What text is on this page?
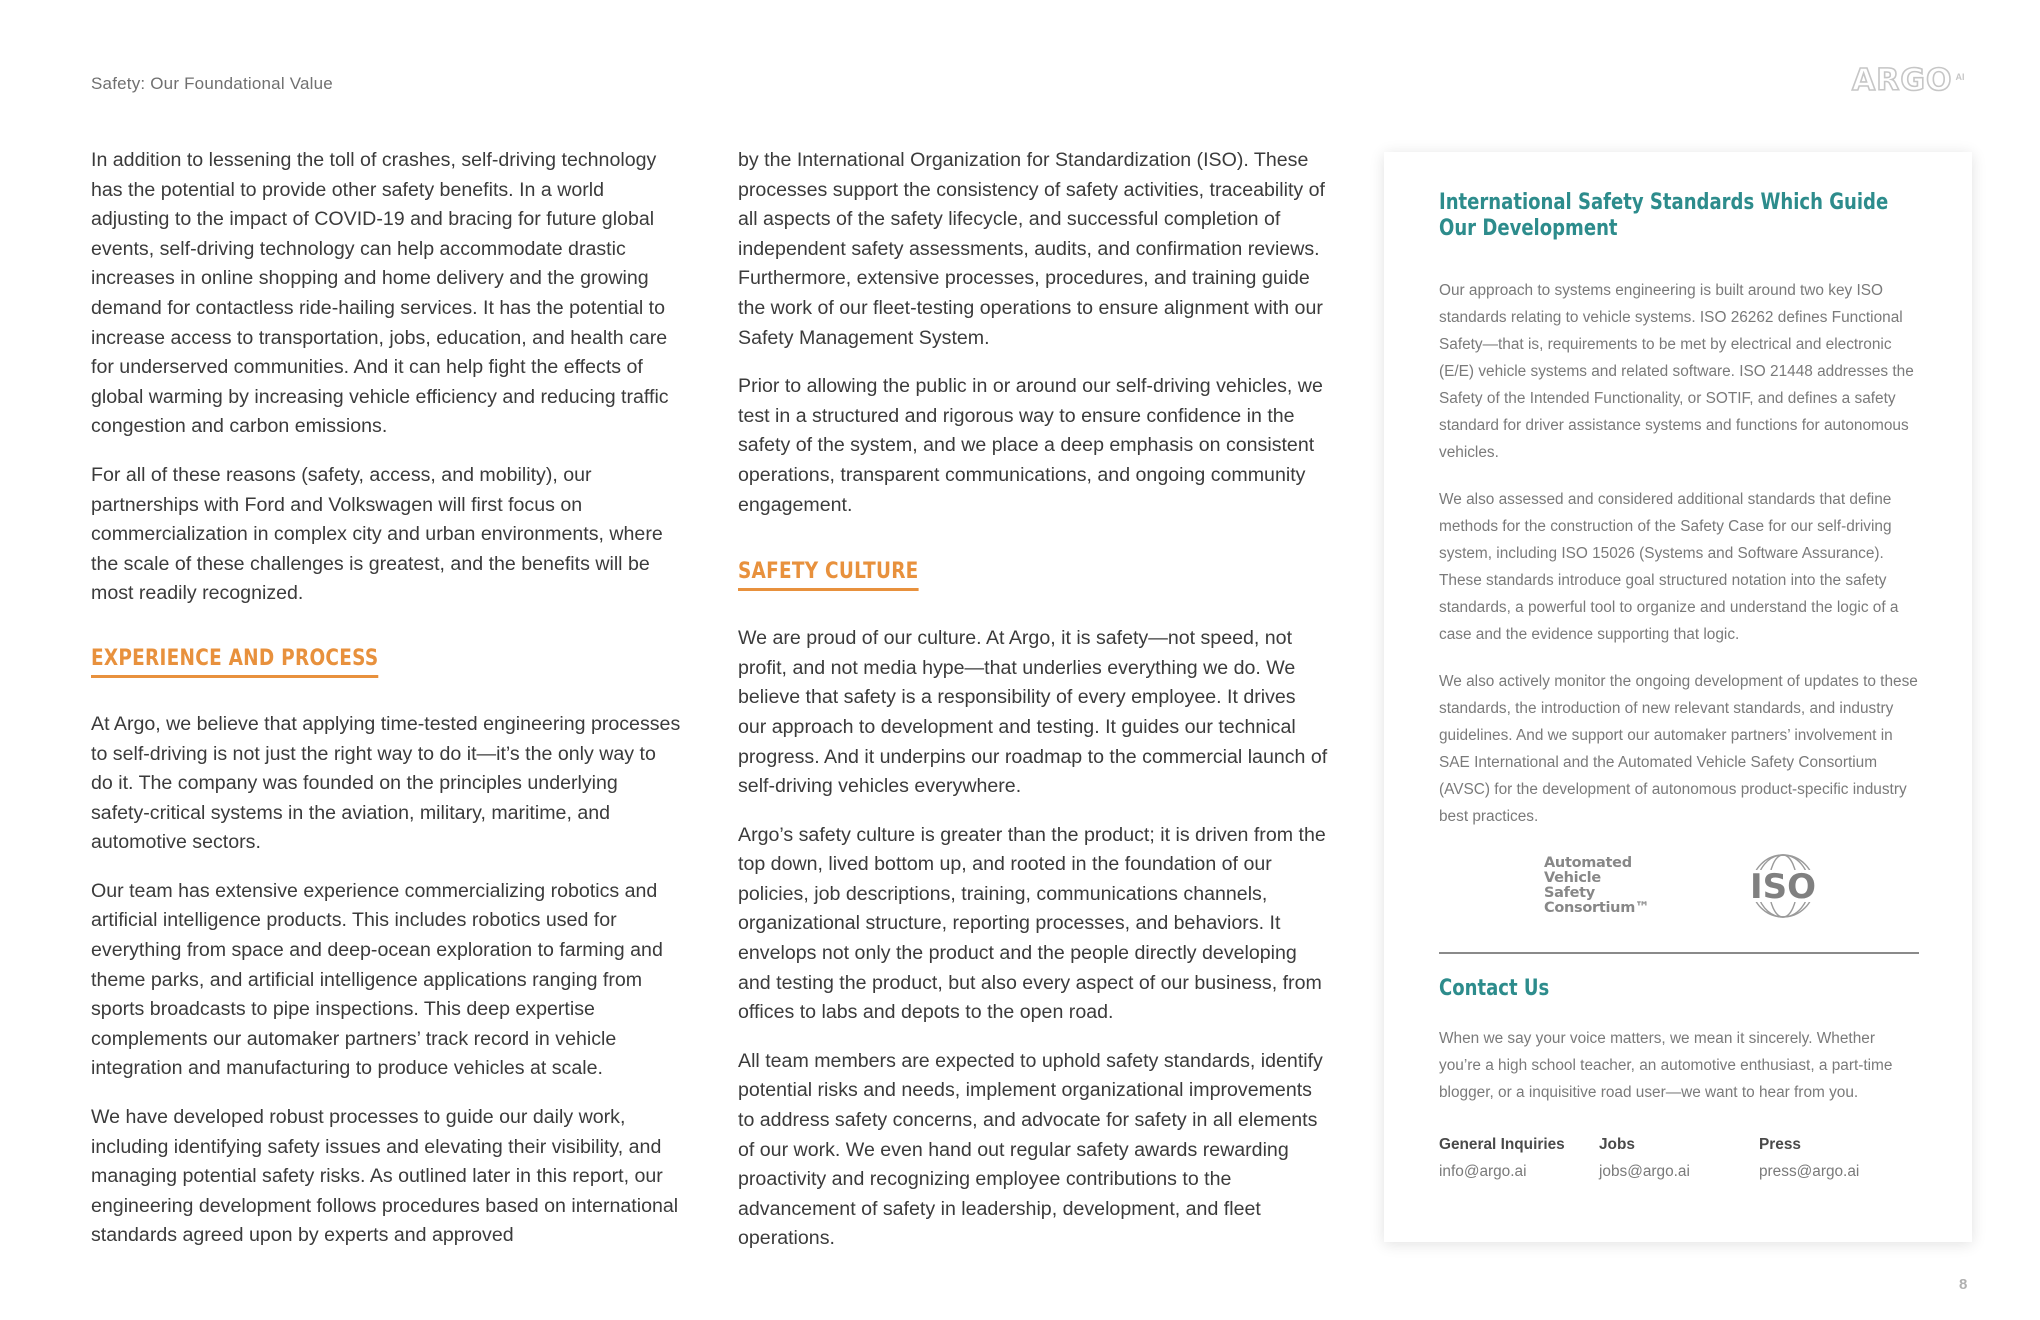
Safety: Our Foundational Value	ARGO AI

In addition to lessening the toll of crashes, self-driving technology has the potential to provide other safety benefits. In a world adjusting to the impact of COVID-19 and bracing for future global events, self-driving technology can help accommodate drastic increases in online shopping and home delivery and the growing demand for contactless ride-hailing services. It has the potential to increase access to transportation, jobs, education, and health care for underserved communities. And it can help fight the effects of global warming by increasing vehicle efficiency and reducing traffic congestion and carbon emissions.

For all of these reasons (safety, access, and mobility), our partnerships with Ford and Volkswagen will first focus on commercialization in complex city and urban environments, where the scale of these challenges is greatest, and the benefits will be most readily recognized.

EXPERIENCE AND PROCESS

At Argo, we believe that applying time-tested engineering processes to self-driving is not just the right way to do it—it’s the only way to do it. The company was founded on the principles underlying safety-critical systems in the aviation, military, maritime, and automotive sectors.

Our team has extensive experience commercializing robotics and artificial intelligence products. This includes robotics used for everything from space and deep-ocean exploration to farming and theme parks, and artificial intelligence applications ranging from sports broadcasts to pipe inspections. This deep expertise complements our automaker partners’ track record in vehicle integration and manufacturing to produce vehicles at scale.

We have developed robust processes to guide our daily work, including identifying safety issues and elevating their visibility, and managing potential safety risks. As outlined later in this report, our engineering development follows procedures based on international standards agreed upon by experts and approved

by the International Organization for Standardization (ISO). These processes support the consistency of safety activities, traceability of all aspects of the safety lifecycle, and successful completion of independent safety assessments, audits, and confirmation reviews. Furthermore, extensive processes, procedures, and training guide the work of our fleet-testing operations to ensure alignment with our Safety Management System.

Prior to allowing the public in or around our self-driving vehicles, we test in a structured and rigorous way to ensure confidence in the safety of the system, and we place a deep emphasis on consistent operations, transparent communications, and ongoing community engagement.

SAFETY CULTURE

We are proud of our culture. At Argo, it is safety—not speed, not profit, and not media hype—that underlies everything we do. We believe that safety is a responsibility of every employee. It drives our approach to development and testing. It guides our technical progress. And it underpins our roadmap to the commercial launch of self-driving vehicles everywhere.

Argo’s safety culture is greater than the product; it is driven from the top down, lived bottom up, and rooted in the foundation of our policies, job descriptions, training, communications channels, organizational structure, reporting processes, and behaviors. It envelops not only the product and the people directly developing and testing the product, but also every aspect of our business, from offices to labs and depots to the open road.

All team members are expected to uphold safety standards, identify potential risks and needs, implement organizational improvements to address safety concerns, and advocate for safety in all elements of our work. We even hand out regular safety awards rewarding proactivity and recognizing employee contributions to the advancement of safety in leadership, development, and fleet operations.

International Safety Standards Which Guide
Our Development

Our approach to systems engineering is built around two key ISO standards relating to vehicle systems. ISO 26262 defines Functional Safety—that is, requirements to be met by electrical and electronic (E/E) vehicle systems and related software. ISO 21448 addresses the Safety of the Intended Functionality, or SOTIF, and defines a safety standard for driver assistance systems and functions for autonomous vehicles.

We also assessed and considered additional standards that define methods for the construction of the Safety Case for our self-driving system, including ISO 15026 (Systems and Software Assurance). These standards introduce goal structured notation into the safety standards, a powerful tool to organize and understand the logic of a case and the evidence supporting that logic.

We also actively monitor the ongoing development of updates to these standards, the introduction of new relevant standards, and industry guidelines. And we support our automaker partners’ involvement in SAE International and the Automated Vehicle Safety Consortium (AVSC) for the development of autonomous product-specific industry best practices.

Automated
Vehicle
Safety
Consortium™
ISO
Contact Us

When we say your voice matters, we mean it sincerely. Whether you’re a high school teacher, an automotive enthusiast, a part-time blogger, or a inquisitive road user—we want to hear from you.

General Inquiries
info@argo.ai
Jobs
jobs@argo.ai
Press
press@argo.ai
8
